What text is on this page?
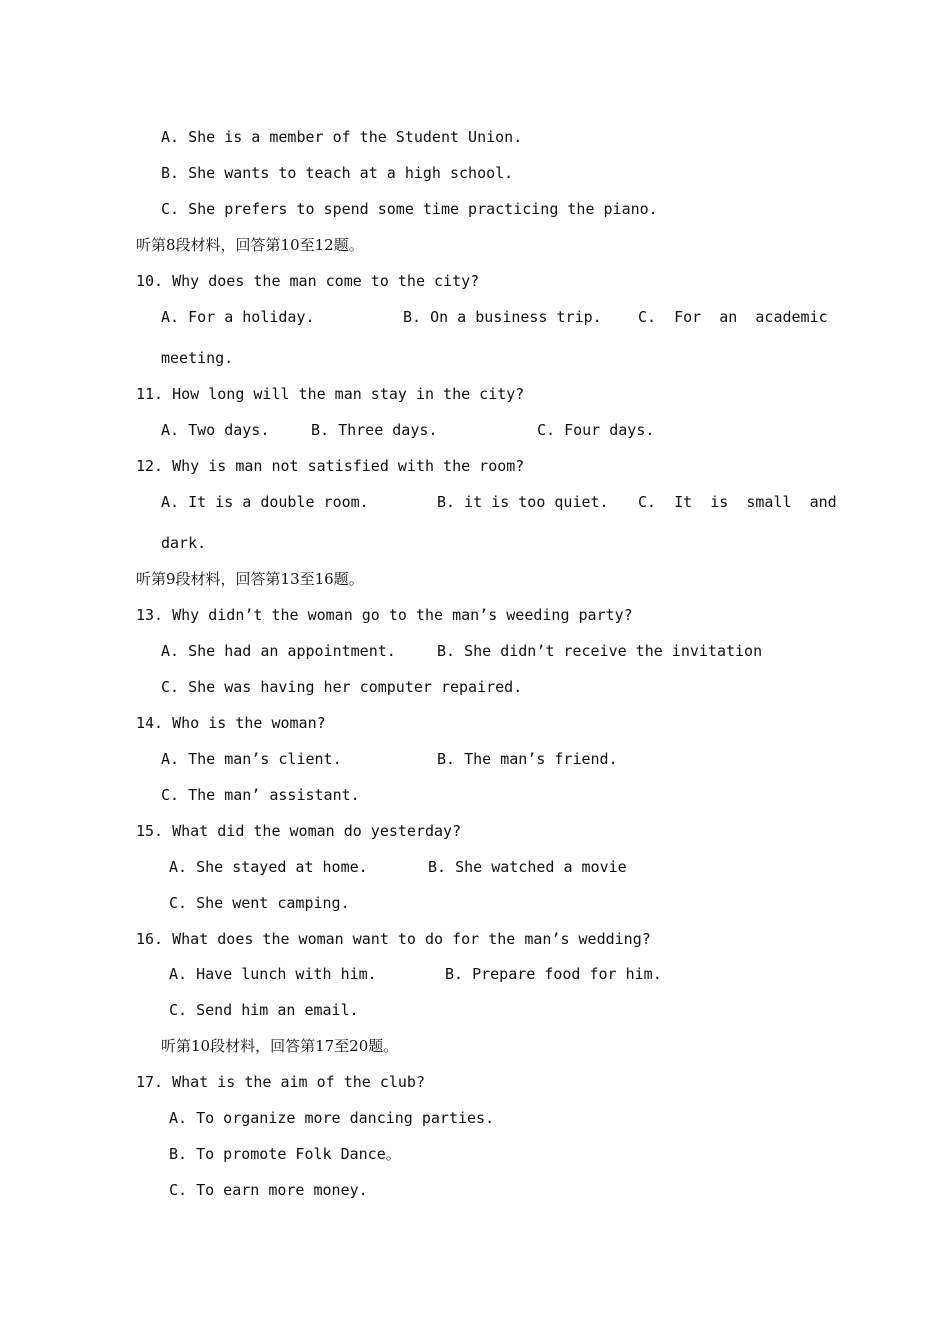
A. She is a member of the Student Union.
B. She wants to teach at a high school.
C. She prefers to spend some time practicing the piano.
听第8段材料，回答第10至12题。
10. Why does the man come to the city?
A. For a holiday.	B. On a business trip. C.  For  an  academic
meeting.
11. How long will the man stay in the city?
A. Two days.	B. Three days.	C. Four days.
12. Why is man not satisfied with the room?
A. It is a double room.	B. it is too quiet. C.  It  is  small  and
dark.
听第9段材料，回答第13至16题。
13. Why didn’t the woman go to the man’s weeding party?
A. She had an appointment.	B. She didn’t receive the invitation
C. She was having her computer repaired.
14. Who is the woman?
A. The man’s client.	B. The man’s friend.
C. The man’ assistant.
15. What did the woman do yesterday?
A. She stayed at home.	B. She watched a movie
C. She went camping.
16. What does the woman want to do for the man’s wedding?
A. Have lunch with him.	B. Prepare food for him.
C. Send him an email.
听第10段材料，回答第17至20题。
17. What is the aim of the club?
A. To organize more dancing parties.
B. To promote Folk Dance。
C. To earn more money.
